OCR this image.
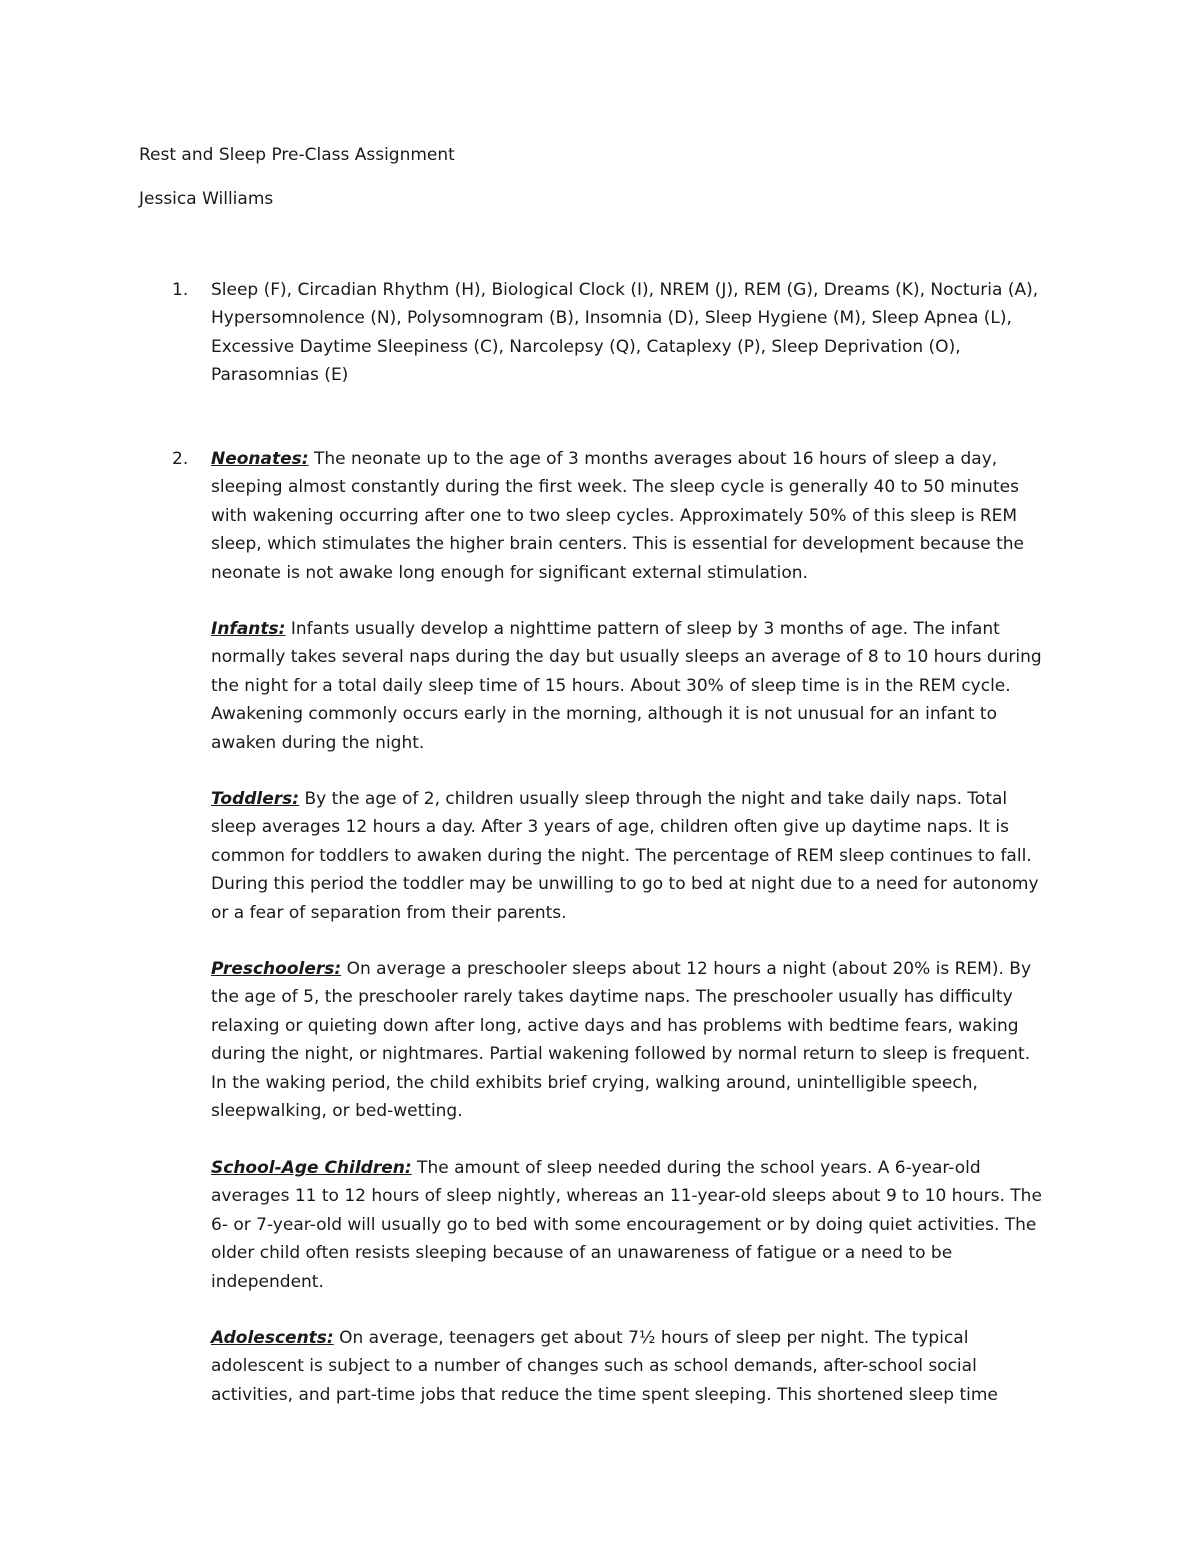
Rest and Sleep Pre-Class Assignment
Jessica Williams
1. Sleep (F), Circadian Rhythm (H), Biological Clock (I), NREM (J), REM (G), Dreams (K), Nocturia (A),
Hypersomnolence (N), Polysomnogram (B), Insomnia (D), Sleep Hygiene (M), Sleep Apnea (L),
Excessive Daytime Sleepiness (C), Narcolepsy (Q), Cataplexy (P), Sleep Deprivation (O),
Parasomnias (E)
2. Neonates: The neonate up to the age of 3 months averages about 16 hours of sleep a day,
sleeping almost constantly during the first week. The sleep cycle is generally 40 to 50 minutes
with wakening occurring after one to two sleep cycles. Approximately 50% of this sleep is REM
sleep, which stimulates the higher brain centers. This is essential for development because the
neonate is not awake long enough for significant external stimulation.
Infants: Infants usually develop a nighttime pattern of sleep by 3 months of age. The infant
normally takes several naps during the day but usually sleeps an average of 8 to 10 hours during
the night for a total daily sleep time of 15 hours. About 30% of sleep time is in the REM cycle.
Awakening commonly occurs early in the morning, although it is not unusual for an infant to
awaken during the night.
Toddlers: By the age of 2, children usually sleep through the night and take daily naps. Total
sleep averages 12 hours a day. After 3 years of age, children often give up daytime naps. It is
common for toddlers to awaken during the night. The percentage of REM sleep continues to fall.
During this period the toddler may be unwilling to go to bed at night due to a need for autonomy
or a fear of separation from their parents.
Preschoolers: On average a preschooler sleeps about 12 hours a night (about 20% is REM). By
the age of 5, the preschooler rarely takes daytime naps. The preschooler usually has difficulty
relaxing or quieting down after long, active days and has problems with bedtime fears, waking
during the night, or nightmares. Partial wakening followed by normal return to sleep is frequent.
In the waking period, the child exhibits brief crying, walking around, unintelligible speech,
sleepwalking, or bed-wetting.
School-Age Children: The amount of sleep needed during the school years. A 6-year-old
averages 11 to 12 hours of sleep nightly, whereas an 11-year-old sleeps about 9 to 10 hours. The
6- or 7-year-old will usually go to bed with some encouragement or by doing quiet activities. The
older child often resists sleeping because of an unawareness of fatigue or a need to be
independent.
Adolescents: On average, teenagers get about 7½ hours of sleep per night. The typical
adolescent is subject to a number of changes such as school demands, after-school social
activities, and part-time jobs that reduce the time spent sleeping. This shortened sleep time
